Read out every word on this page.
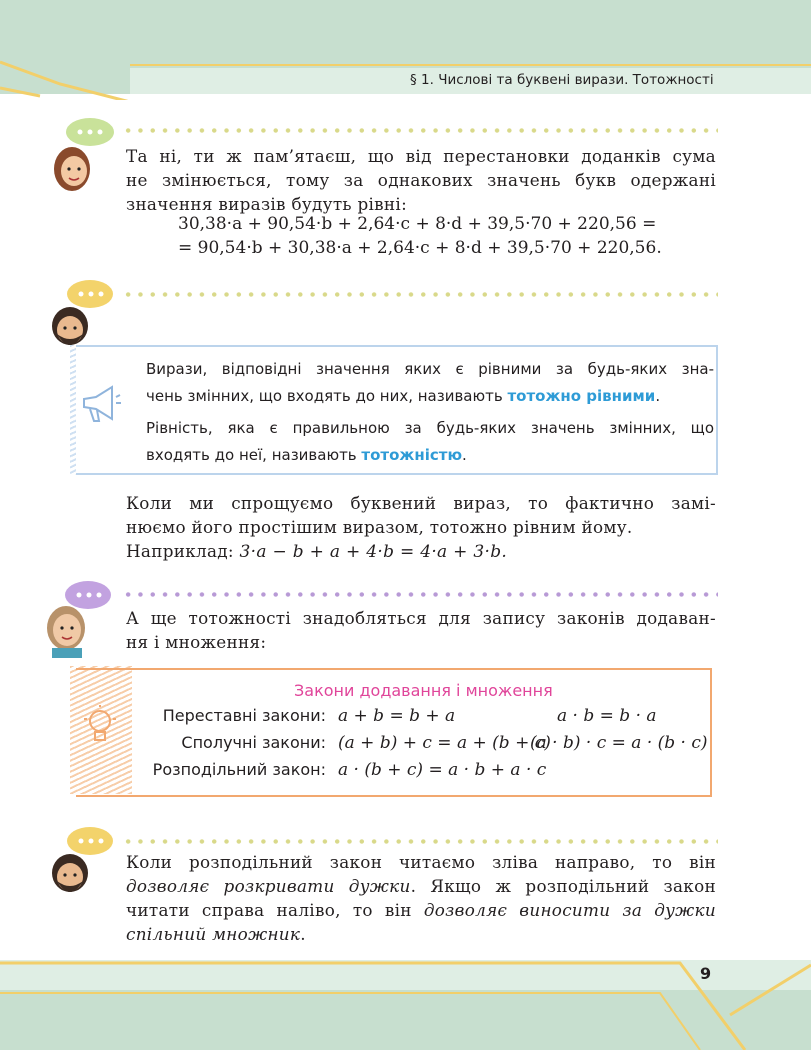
§ 1. Числові та буквені вирази. Тотожності
9
Та ні, ти ж пам’ятаєш, що від перестановки доданків сума
не змінюється, тому за однакових значень букв одержані
значення виразів будуть рівні:
30,38·a + 90,54·b + 2,64·c + 8·d + 39,5·70 + 220,56 =
= 90,54·b + 30,38·a + 2,64·c + 8·d + 39,5·70 + 220,56.
Вирази, відповідні значення яких є рівними за будь-яких зна-
чень змінних, що входять до них, називають тотожно рівними.
Рівність, яка є правильною за будь-яких значень змінних, що
входять до неї, називають тотожністю.
Коли ми спрощуємо буквений вираз, то фактично замі-
нюємо його простішим виразом, тотожно рівним йому.
Наприклад: 3·a − b + a + 4·b = 4·a + 3·b.
А ще тотожності знадобляться для запису законів додаван-
ня і множення:
Закони додавання і множення
Переставні закони: a + b = b + a	a · b = b · a
Сполучні закони: (a + b) + c = a + (b + c)
(a · b) · c = a · (b · c)
Розподільний закон: a · (b + c) = a · b + a · c
Коли розподільний закон читаємо зліва направо, то він
дозволяє розкривати дужки. Якщо ж розподільний закон
читати справа наліво, то він дозволяє виносити за дужки
спільний множник.
